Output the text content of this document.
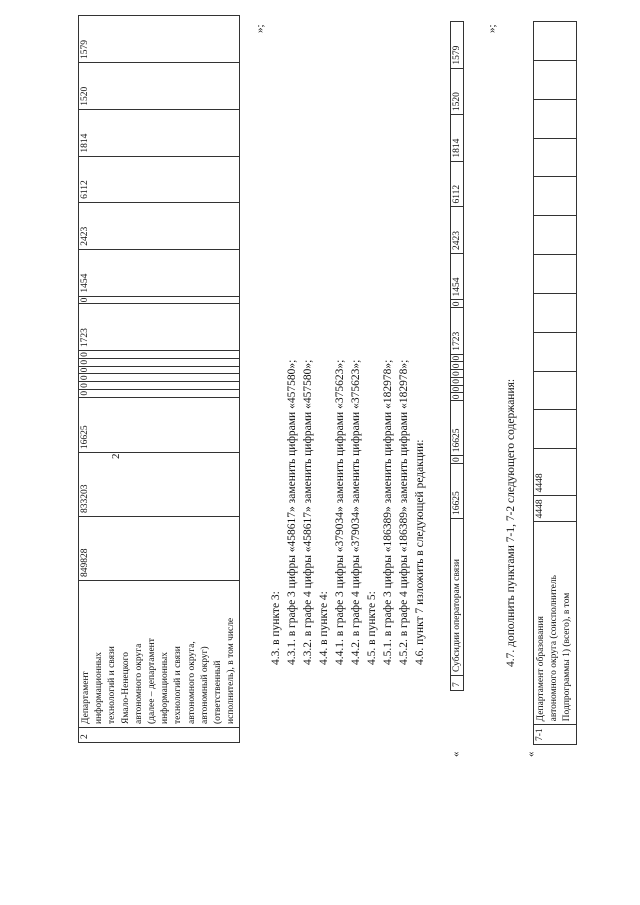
2
2	Департамент
информационных
технологий и связи
Ямало-Ненецкого
автономного округа
(далее – департамент
информационных
технологий и связи
автономного округа,
автономный округ)
(ответственный
исполнитель), в том числе	849828	833203	16625	0	0	0	0	0	0	1723	0	1454	2423	6112	1814	1520	1579
»;
4.3. в пункте 3: 4.3.1. в графе 3 цифры «458617» заменить цифрами «457580»; 4.3.2. в графе 4 цифры «458617» заменить цифрами «457580»; 4.4. в пункте 4: 4.4.1. в графе 3 цифры «379034» заменить цифрами «375623»; 4.4.2. в графе 4 цифры «379034» заменить цифрами «375623»; 4.5. в пункте 5: 4.5.1. в графе 3 цифры «186389» заменить цифрами «182978»; 4.5.2. в графе 4 цифры «186389» заменить цифрами «182978»; 4.6. пункт 7 изложить в следующей редакции:
«
7	Субсидии операторам связи	16625	0	16625	0	0	0	0	0	0	1723	0	1454	2423	6112	1814	1520	1579
»;
4.7. дополнить пунктами 7-1, 7-2 следующего содержания:
«
7-1	Департамент образования
автономного округа (соисполнитель
Подпрограммы 1) (всего), в том	4448	4448											
